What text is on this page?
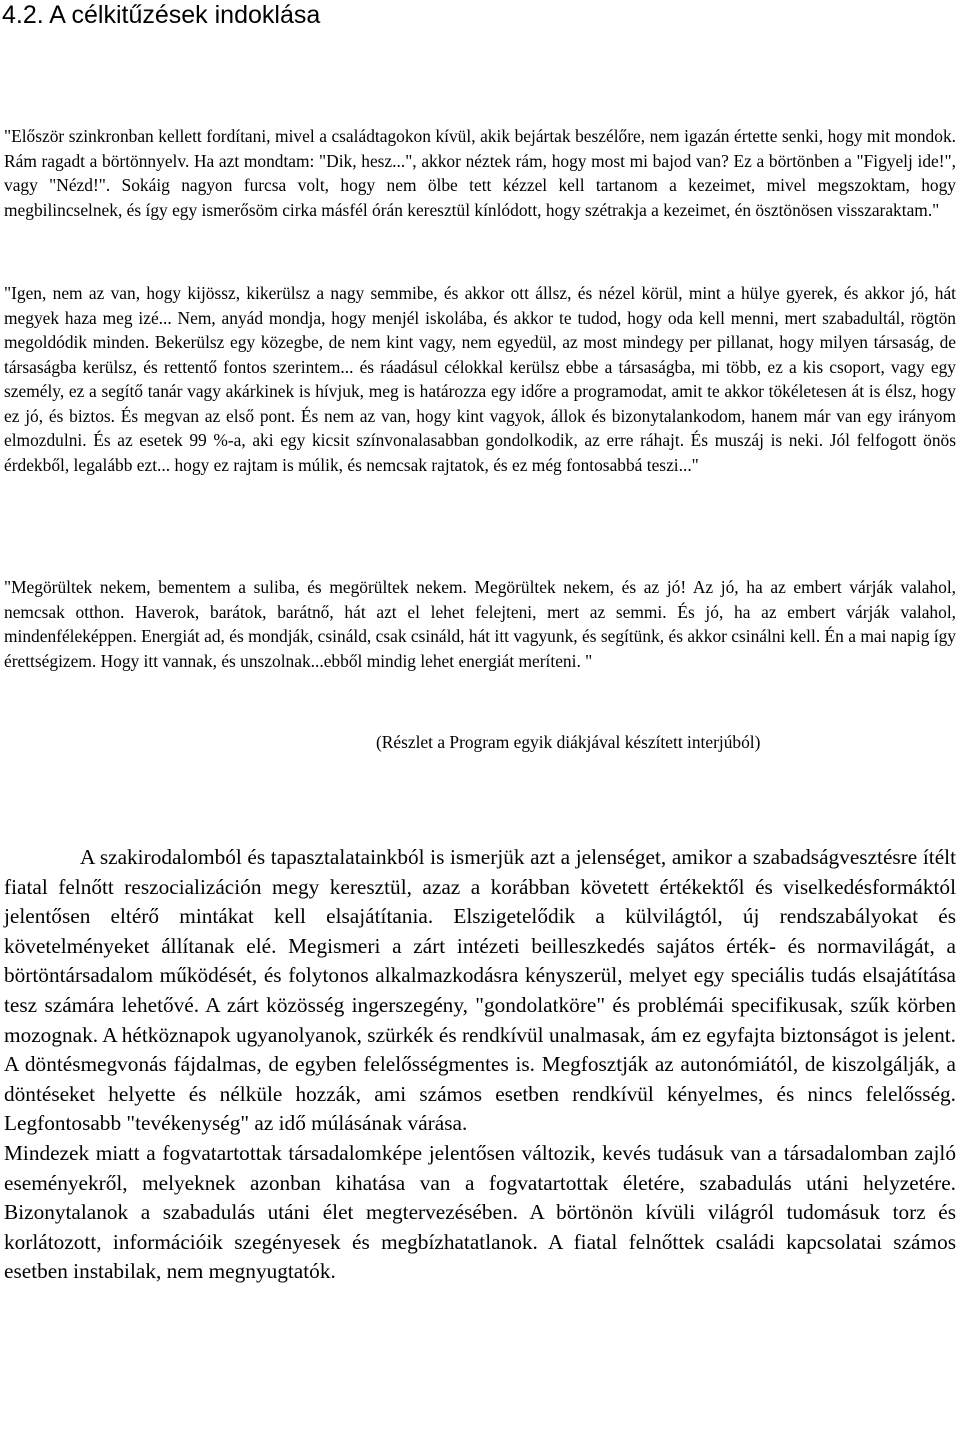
4.2. A célkitűzések indoklása

"Először szinkronban kellett fordítani, mivel a családtagokon kívül, akik bejártak beszélőre, nem igazán értette senki, hogy mit mondok. Rám ragadt a börtönnyelv. Ha azt mondtam: "Dik, hesz...", akkor néztek rám, hogy most mi bajod van? Ez a börtönben a "Figyelj ide!", vagy "Nézd!". Sokáig nagyon furcsa volt, hogy nem ölbe tett kézzel kell tartanom a kezeimet, mivel megszoktam, hogy megbilincselnek, és így egy ismerősöm cirka másfél órán keresztül kínlódott, hogy szétrakja a kezeimet, én ösztönösen visszaraktam."

"Igen, nem az van, hogy kijössz, kikerülsz a nagy semmibe, és akkor ott állsz, és nézel körül, mint a hülye gyerek, és akkor jó, hát megyek haza meg izé... Nem, anyád mondja, hogy menjél iskolába, és akkor te tudod, hogy oda kell menni, mert szabadultál, rögtön megoldódik minden. Bekerülsz egy közegbe, de nem kint vagy, nem egyedül, az most mindegy per pillanat, hogy milyen társaság, de társaságba kerülsz, és rettentő fontos szerintem... és ráadásul célokkal kerülsz ebbe a társaságba, mi több, ez a kis csoport, vagy egy személy, ez a segítő tanár vagy akárkinek is hívjuk, meg is határozza egy időre a programodat, amit te akkor tökéletesen át is élsz, hogy ez jó, és biztos. És megvan az első pont. És nem az van, hogy kint vagyok, állok és bizonytalankodom, hanem már van egy irányom elmozdulni. És az esetek 99 %-a, aki egy kicsit színvonalasabban gondolkodik, az erre ráhajt. És muszáj is neki. Jól felfogott önös érdekből, legalább ezt... hogy ez rajtam is múlik, és nemcsak rajtatok, és ez még fontosabbá teszi..."

"Megörültek nekem, bementem a suliba, és megörültek nekem. Megörültek nekem, és az jó! Az jó, ha az embert várják valahol, nemcsak otthon. Haverok, barátok, barátnő, hát azt el lehet felejteni, mert az semmi. És jó, ha az embert várják valahol, mindenféleképpen. Energiát ad, és mondják, csináld, csak csináld, hát itt vagyunk, és segítünk, és akkor csinálni kell. Én a mai napig így érettségizem. Hogy itt vannak, és unszolnak...ebből mindig lehet energiát meríteni. "

(Részlet a Program egyik diákjával készített interjúból)

A szakirodalomból és tapasztalatainkból is ismerjük azt a jelenséget, amikor a szabadságvesztésre ítélt fiatal felnőtt reszocializáción megy keresztül, azaz a korábban követett értékektől és viselkedésformáktól jelentősen eltérő mintákat kell elsajátítania. Elszigetelődik a külvilágtól, új rendszabályokat és követelményeket állítanak elé. Megismeri a zárt intézeti beilleszkedés sajátos érték- és normavilágát, a börtöntársadalom működését, és folytonos alkalmazkodásra kényszerül, melyet egy speciális tudás elsajátítása tesz számára lehetővé. A zárt közösség ingerszegény, "gondolatköre" és problémái specifikusak, szűk körben mozognak. A hétköznapok ugyanolyanok, szürkék és rendkívül unalmasak, ám ez egyfajta biztonságot is jelent. A döntésmegvonás fájdalmas, de egyben felelősségmentes is. Megfosztják az autonómiától, de kiszolgálják, a döntéseket helyette és nélküle hozzák, ami számos esetben rendkívül kényelmes, és nincs felelősség. Legfontosabb "tevékenység" az idő múlásának várása.

Mindezek miatt a fogvatartottak társadalomképe jelentősen változik, kevés tudásuk van a társadalomban zajló eseményekről, melyeknek azonban kihatása van a fogvatartottak életére, szabadulás utáni helyzetére. Bizonytalanok a szabadulás utáni élet megtervezésében. A börtönön kívüli világról tudomásuk torz és korlátozott, információik szegényesek és megbízhatatlanok. A fiatal felnőttek családi kapcsolatai számos esetben instabilak, nem megnyugtatók.
